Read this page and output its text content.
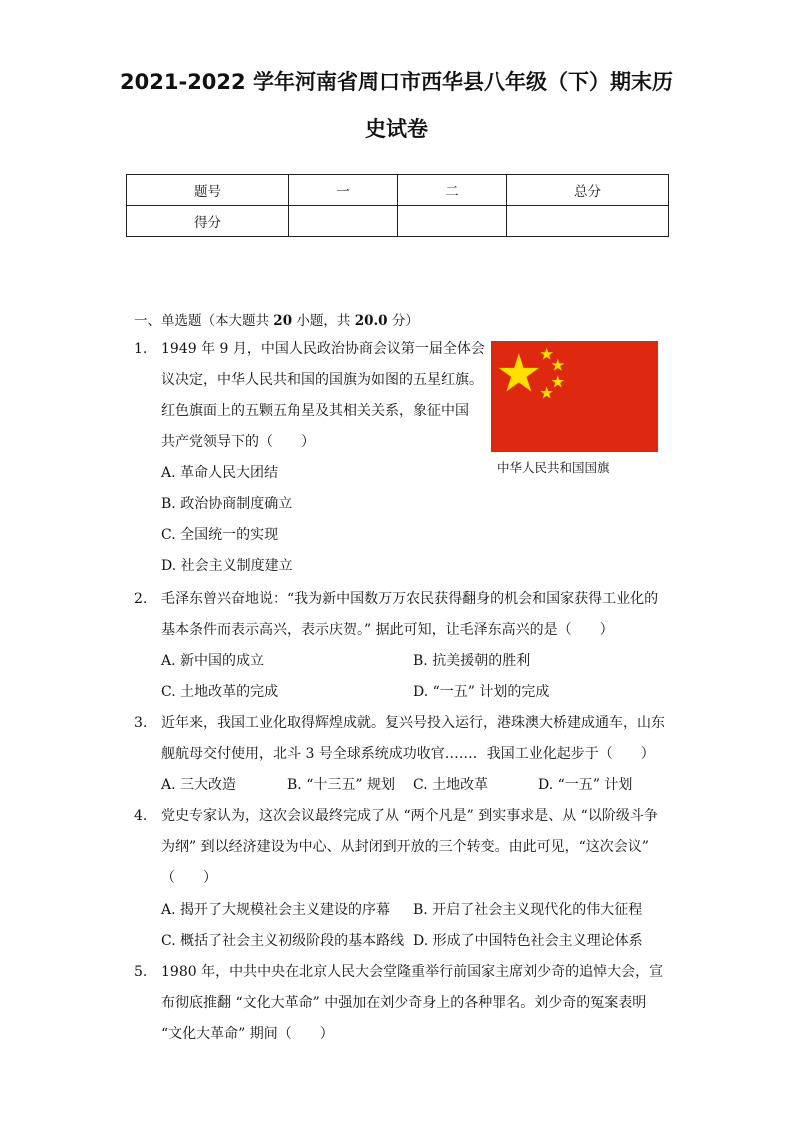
2021-2022 学年河南省周口市西华县八年级（下）期末历
史试卷
题号	一	二	总分
得分			
一、单选题（本大题共 20 小题，共 20.0 分）
1. 1949 年 9 月，中国人民政治协商会议第一届全体会
议决定，中华人民共和国的国旗为如图的五星红旗。
红色旗面上的五颗五角星及其相关关系，象征中国
共产党领导下的（　　）
A. 革命人民大团结
B. 政治协商制度确立
C. 全国统一的实现
D. 社会主义制度建立
中华人民共和国国旗
2. 毛泽东曾兴奋地说：“我为新中国数万万农民获得翻身的机会和国家获得工业化的
基本条件而表示高兴，表示庆贺。” 据此可知，让毛泽东高兴的是（　　）
A. 新中国的成立	B. 抗美援朝的胜利
C. 土地改革的完成	D. “一五” 计划的完成
3. 近年来，我国工业化取得辉煌成就。复兴号投入运行，港珠澳大桥建成通车，山东
舰航母交付使用，北斗 3 号全球系统成功收官……．我国工业化起步于（　　）
A. 三大改造	B. “十三五” 规划 C. 土地改革	D. “一五” 计划
4. 党史专家认为，这次会议最终完成了从 “两个凡是” 到实事求是、从 “以阶级斗争
为纲” 到以经济建设为中心、从封闭到开放的三个转变。由此可见，“这次会议”
（　　）
A. 揭开了大规模社会主义建设的序幕 B. 开启了社会主义现代化的伟大征程
C. 概括了社会主义初级阶段的基本路线 D. 形成了中国特色社会主义理论体系
5. 1980 年，中共中央在北京人民大会堂隆重举行前国家主席刘少奇的追悼大会，宣
布彻底推翻 “文化大革命” 中强加在刘少奇身上的各种罪名。刘少奇的冤案表明
“文化大革命” 期间（　　）
